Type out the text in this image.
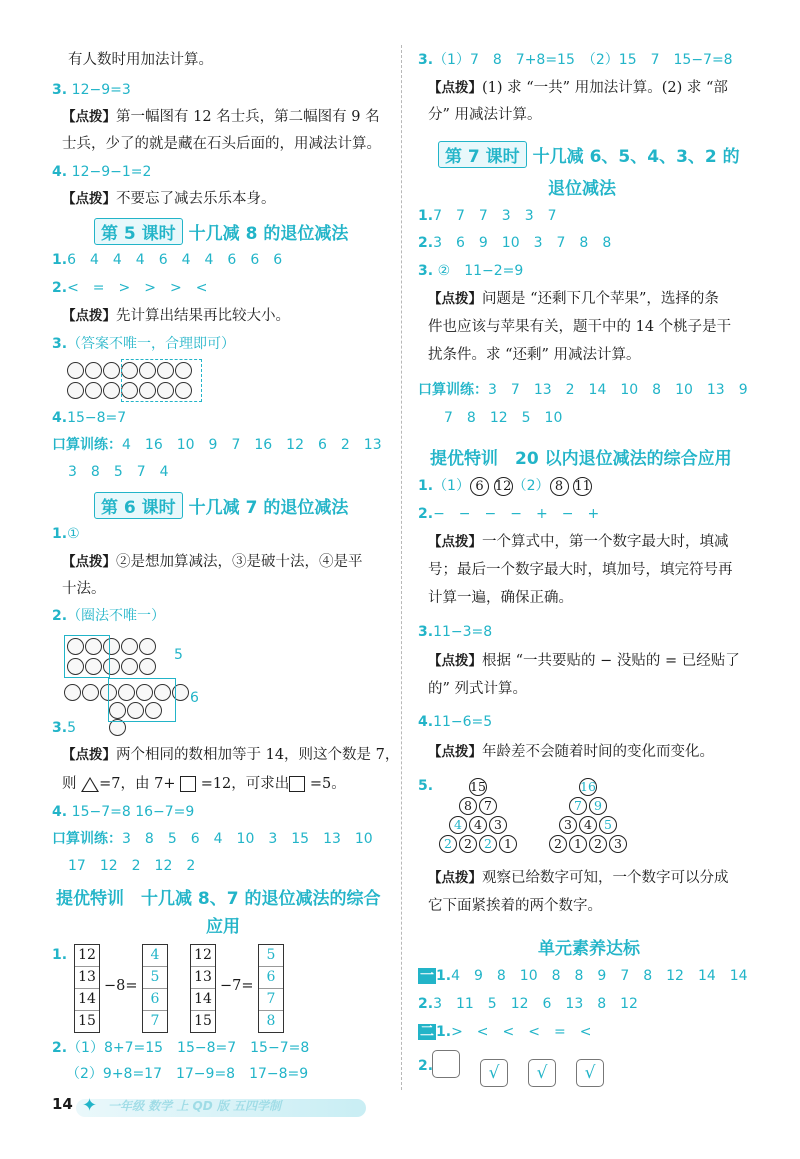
有人数时用加法计算。
3. 12−9=3
【点拨】第一幅图有 12 名士兵，第二幅图有 9 名
士兵，少了的就是藏在石头后面的，用减法计算。
4. 12−9−1=2
【点拨】不要忘了减去乐乐本身。
第 5 课时 十几减 8 的退位减法
1.6　4　4　4　6　4　4　6　6　6
2.<　=　>　>　>　<
【点拨】先计算出结果再比较大小。
3.（答案不唯一，合理即可）
4.15−8=7
口算训练：4　16　10　9　7　16　12　6　2　13
3　8　5　7　4
第 6 课时 十几减 7 的退位减法
1.①
【点拨】②是想加算减法，③是破十法，④是平
十法。
2.（圈法不唯一）
5
6
3.5
【点拨】两个相同的数相加等于 14，则这个数是 7，
则 =7，由 7+ =12，可求出 =5。
4. 15−7=8 16−7=9
口算训练：3　8　5　6　4　10　3　15　13　10
17　12　2　12　2
提优特训　十几减 8、7 的退位减法的综合
应用
1. 12
13
14
15
−8=
4
5
6
7
12
13
14
15
−7=
5
6
7
8
2.（1）8+7=15　15−8=7　15−7=8
（2）9+8=17　17−9=8　17−8=9
3.（1）7　8　7+8=15　（2）15　7　15−7=8
【点拨】(1) 求 “一共” 用加法计算。(2) 求 “部
分” 用减法计算。
第 7 课时 十几减 6、5、4、3、2 的
退位减法
1.7　7　7　3　3　7
2.3　6　9　10　3　7　8　8
3. ②　11−2=9
【点拨】问题是 “还剩下几个苹果”，选择的条
件也应该与苹果有关，题干中的 14 个桃子是干
扰条件。求 “还剩” 用减法计算。
口算训练：3　7　13　2　14　10　8　10　13　9
7　8　12　5　10
提优特训　20 以内退位减法的综合应用
1.（1） 6 12（2） 8 11
2.−　−　−　−　+　−　+
【点拨】一个算式中，第一个数字最大时，填减
号；最后一个数字最大时，填加号，填完符号再
计算一遍，确保正确。
3.11−3=8
【点拨】根据 “一共要贴的 − 没贴的 = 已经贴了
的” 列式计算。
4.11−6=5
【点拨】年龄差不会随着时间的变化而变化。
5.	15
8 7
4 4 3
2 2 2 1
16
7 9
3 4 5
2 1 2 3
【点拨】观察已给数字可知，一个数字可以分成
它下面紧挨着的两个数字。
单元素养达标
一 1.4　9　8　10　8　8　9　7　8　12　14　14
2.3　11　5　12　6　13　8　12
二 1.>　<　<　<　=　<
2.	√ √ √
14 ✦ 一年级 数学 上 QD 版 五四学制
